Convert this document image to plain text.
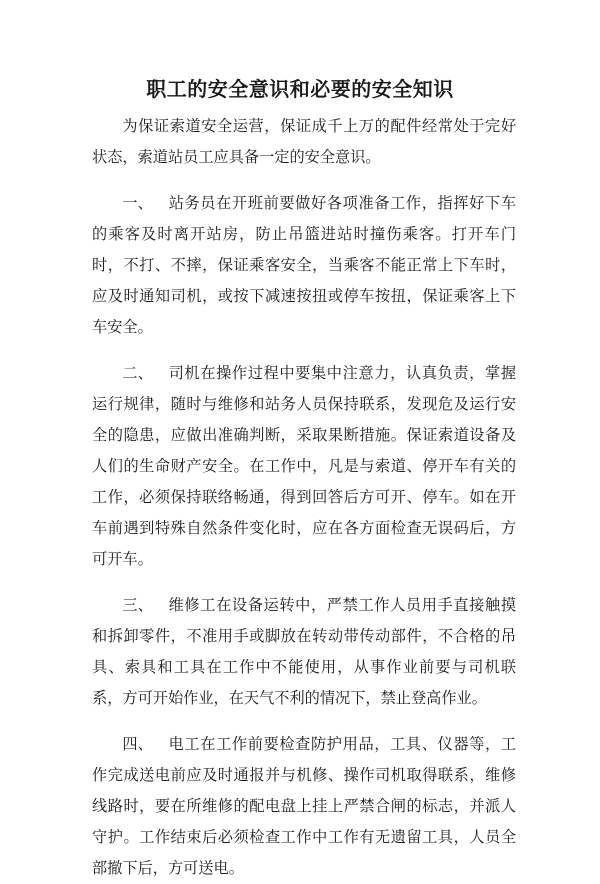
职工的安全意识和必要的安全知识

为保证索道安全运营，保证成千上万的配件经常处于完好状态，索道站员工应具备一定的安全意识。

一、 站务员在开班前要做好各项准备工作，指挥好下车的乘客及时离开站房，防止吊篮进站时撞伤乘客。打开车门时，不打、不摔，保证乘客安全，当乘客不能正常上下车时，应及时通知司机，或按下减速按扭或停车按扭，保证乘客上下车安全。

二、 司机在操作过程中要集中注意力，认真负责，掌握运行规律，随时与维修和站务人员保持联系，发现危及运行安全的隐患，应做出准确判断，采取果断措施。保证索道设备及人们的生命财产安全。在工作中，凡是与索道、停开车有关的工作，必须保持联络畅通，得到回答后方可开、停车。如在开车前遇到特殊自然条件变化时，应在各方面检查无误码后，方可开车。

三、 维修工在设备运转中，严禁工作人员用手直接触摸和拆卸零件，不准用手或脚放在转动带传动部件，不合格的吊具、索具和工具在工作中不能使用，从事作业前要与司机联系，方可开始作业，在天气不利的情况下，禁止登高作业。

四、 电工在工作前要检查防护用品，工具、仪器等，工作完成送电前应及时通报并与机修、操作司机取得联系，维修线路时，要在所维修的配电盘上挂上严禁合闸的标志，并派人守护。工作结束后必须检查工作中工作有无遗留工具，人员全部撤下后，方可送电。
